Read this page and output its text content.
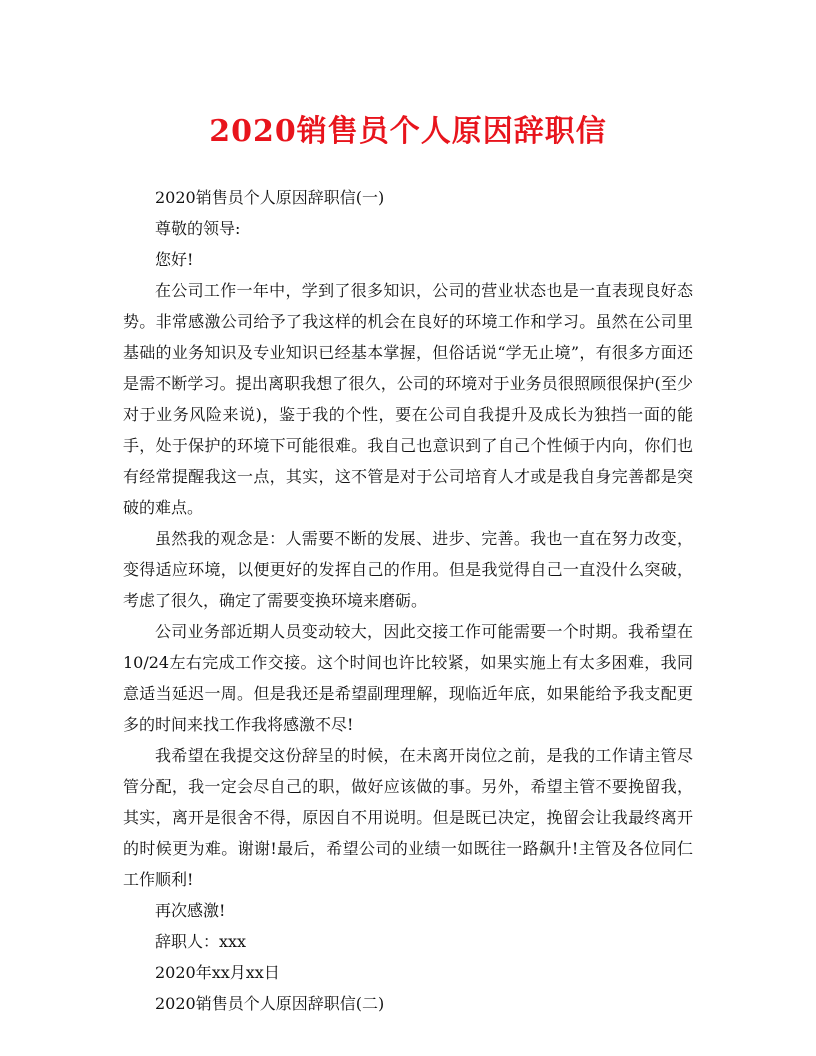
2020销售员个人原因辞职信

2020销售员个人原因辞职信(一)

尊敬的领导:

您好!

在公司工作一年中，学到了很多知识，公司的营业状态也是一直表现良好态势。非常感激公司给予了我这样的机会在良好的环境工作和学习。虽然在公司里基础的业务知识及专业知识已经基本掌握，但俗话说“学无止境”，有很多方面还是需不断学习。提出离职我想了很久，公司的环境对于业务员很照顾很保护(至少对于业务风险来说)，鉴于我的个性，要在公司自我提升及成长为独挡一面的能手，处于保护的环境下可能很难。我自己也意识到了自己个性倾于内向，你们也有经常提醒我这一点，其实，这不管是对于公司培育人才或是我自身完善都是突破的难点。

虽然我的观念是：人需要不断的发展、进步、完善。我也一直在努力改变，变得适应环境，以便更好的发挥自己的作用。但是我觉得自己一直没什么突破，考虑了很久，确定了需要变换环境来磨砺。

公司业务部近期人员变动较大，因此交接工作可能需要一个时期。我希望在10/24左右完成工作交接。这个时间也许比较紧，如果实施上有太多困难，我同意适当延迟一周。但是我还是希望副理理解，现临近年底，如果能给予我支配更多的时间来找工作我将感激不尽!

我希望在我提交这份辞呈的时候，在未离开岗位之前，是我的工作请主管尽管分配，我一定会尽自己的职，做好应该做的事。另外，希望主管不要挽留我，其实，离开是很舍不得，原因自不用说明。但是既已决定，挽留会让我最终离开的时候更为难。谢谢!最后，希望公司的业绩一如既往一路飙升!主管及各位同仁工作顺利!

再次感激!

辞职人：xxx

2020年xx月xx日

2020销售员个人原因辞职信(二)
